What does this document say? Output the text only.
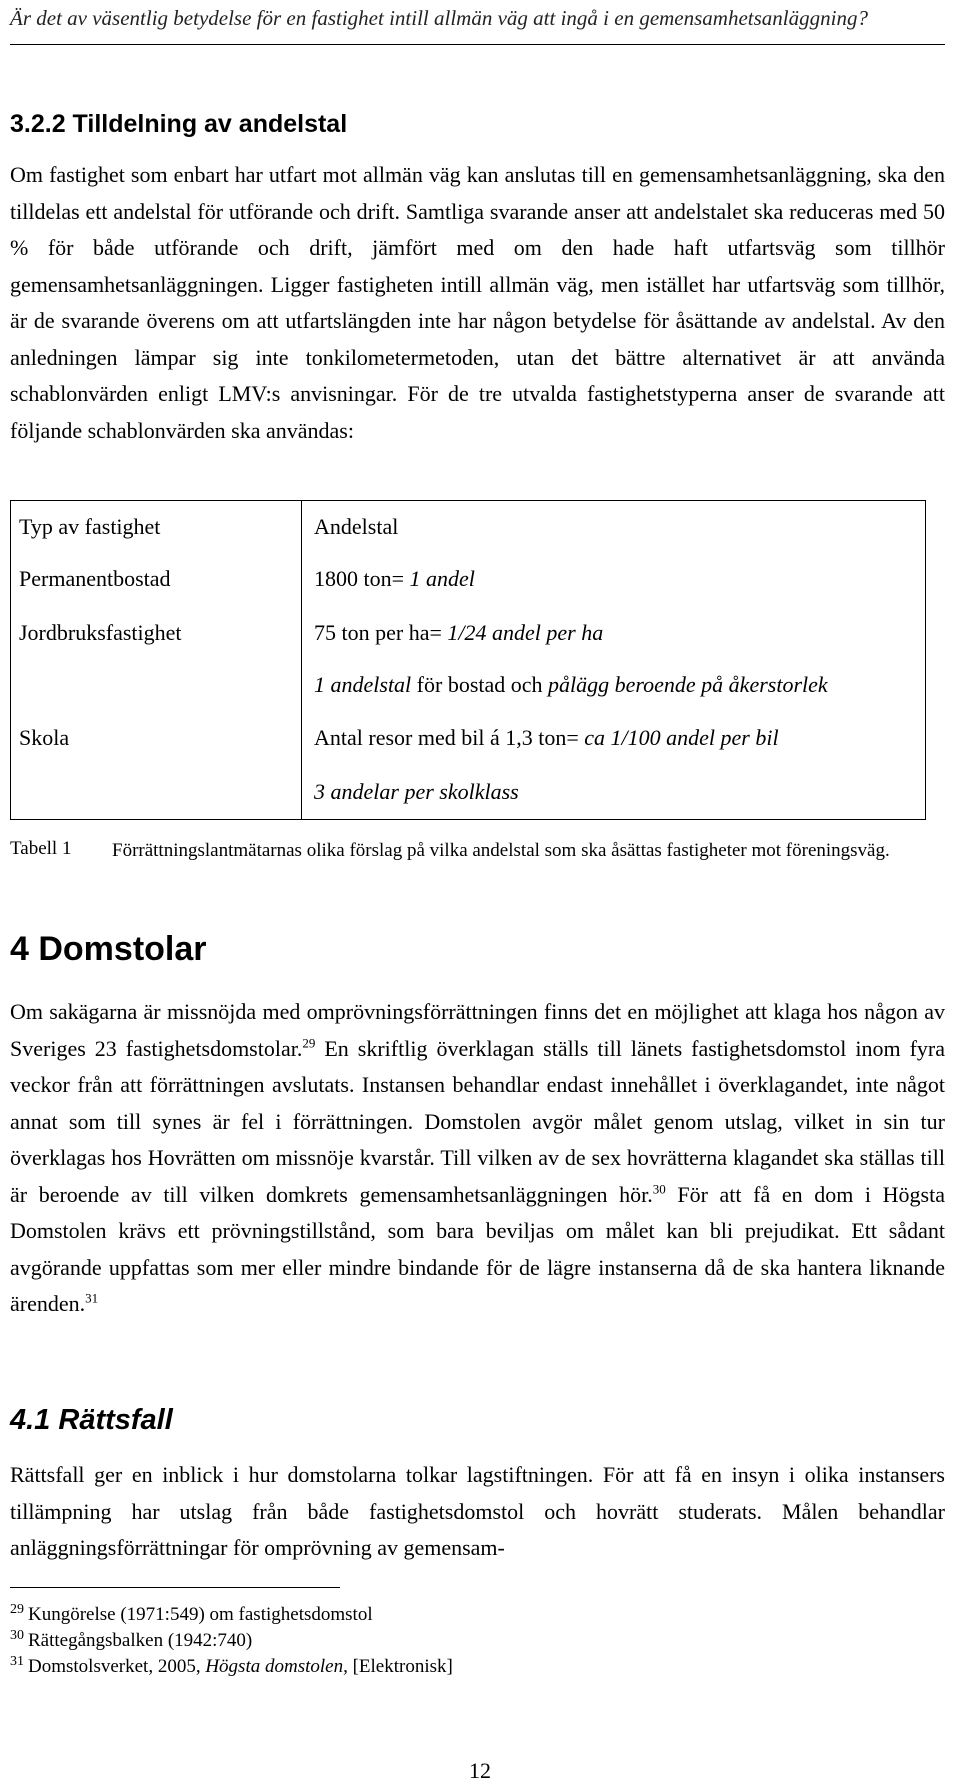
Är det av väsentlig betydelse för en fastighet intill allmän väg att ingå i en gemensamhetsanläggning?
3.2.2 Tilldelning av andelstal

Om fastighet som enbart har utfart mot allmän väg kan anslutas till en gemensamhetsanläggning, ska den tilldelas ett andelstal för utförande och drift. Samtliga svarande anser att andelstalet ska reduceras med 50 % för både utförande och drift, jämfört med om den hade haft utfartsväg som tillhör gemensamhetsanläggningen. Ligger fastigheten intill allmän väg, men istället har utfartsväg som tillhör, är de svarande överens om att utfartslängden inte har någon betydelse för åsättande av andelstal. Av den anledningen lämpar sig inte tonkilometermetoden, utan det bättre alternativet är att använda schablonvärden enligt LMV:s anvisningar. För de tre utvalda fastighetstyperna anser de svarande att följande schablonvärden ska användas:

Typ av fastighet	Andelstal
Permanentbostad	1800 ton= 1 andel
Jordbruksfastighet	75 ton per ha= 1/24 andel per ha
	1 andelstal för bostad och pålägg beroende på åkerstorlek
Skola	Antal resor med bil á 1,3 ton= ca 1/100 andel per bil
	3 andelar per skolklass
Tabell 1 Förrättningslantmätarnas olika förslag på vilka andelstal som ska åsättas fastigheter mot föreningsväg.
4 Domstolar

Om sakägarna är missnöjda med omprövningsförrättningen finns det en möjlighet att klaga hos någon av Sveriges 23 fastighetsdomstolar.$^{29}$ En skriftlig överklagan ställs till länets fastighetsdomstol inom fyra veckor från att förrättningen avslutats. Instansen behandlar endast innehållet i överklagandet, inte något annat som till synes är fel i förrättningen. Domstolen avgör målet genom utslag, vilket in sin tur överklagas hos Hovrätten om missnöje kvarstår. Till vilken av de sex hovrätterna klagandet ska ställas till är beroende av till vilken domkrets gemensamhetsanläggningen hör.$^{30}$ För att få en dom i Högsta Domstolen krävs ett prövningstillstånd, som bara beviljas om målet kan bli prejudikat. Ett sådant avgörande uppfattas som mer eller mindre bindande för de lägre instanserna då de ska hantera liknande ärenden.$^{31}$

4.1 Rättsfall

Rättsfall ger en inblick i hur domstolarna tolkar lagstiftningen. För att få en insyn i olika instansers tillämpning har utslag från både fastighetsdomstol och hovrätt studerats. Målen behandlar anläggningsförrättningar för omprövning av gemensam-

$^{29}$ Kungörelse (1971:549) om fastighetsdomstol
$^{30}$ Rättegångsbalken (1942:740)
$^{31}$ Domstolsverket, 2005, Högsta domstolen, [Elektronisk]
12
